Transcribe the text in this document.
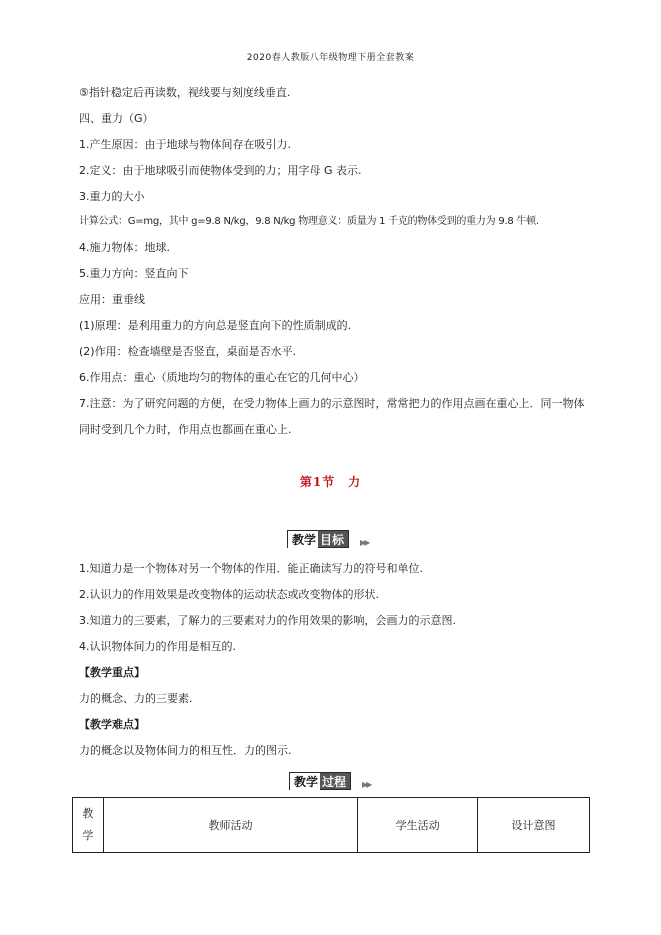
2020春人教版八年级物理下册全套教案
⑤指针稳定后再读数，视线要与刻度线垂直.
四、重力（G）
1.产生原因：由于地球与物体间存在吸引力.
2.定义：由于地球吸引而使物体受到的力；用字母 G 表示.
3.重力的大小
计算公式：G=mg，其中 g=9.8 N/kg，9.8 N/kg 物理意义：质量为 1 千克的物体受到的重力为 9.8 牛顿.
4.施力物体：地球.
5.重力方向：竖直向下
应用：重垂线
(1)原理：是利用重力的方向总是竖直向下的性质制成的.
(2)作用：检查墙壁是否竖直，桌面是否水平.
6.作用点：重心（质地均匀的物体的重心在它的几何中心）
7.注意：为了研究问题的方便，在受力物体上画力的示意图时，常常把力的作用点画在重心上．同一物体同时受到几个力时，作用点也都画在重心上.
第1节　力
教学 目标	▶▶
1.知道力是一个物体对另一个物体的作用．能正确读写力的符号和单位.
2.认识力的作用效果是改变物体的运动状态或改变物体的形状.
3.知道力的三要素，了解力的三要素对力的作用效果的影响，会画力的示意图.
4.认识物体间力的作用是相互的.
【教学重点】
力的概念、力的三要素.
【教学难点】
力的概念以及物体间力的相互性．力的图示.
教学 过程	▶▶
教学	教师活动	学生活动	设计意图
